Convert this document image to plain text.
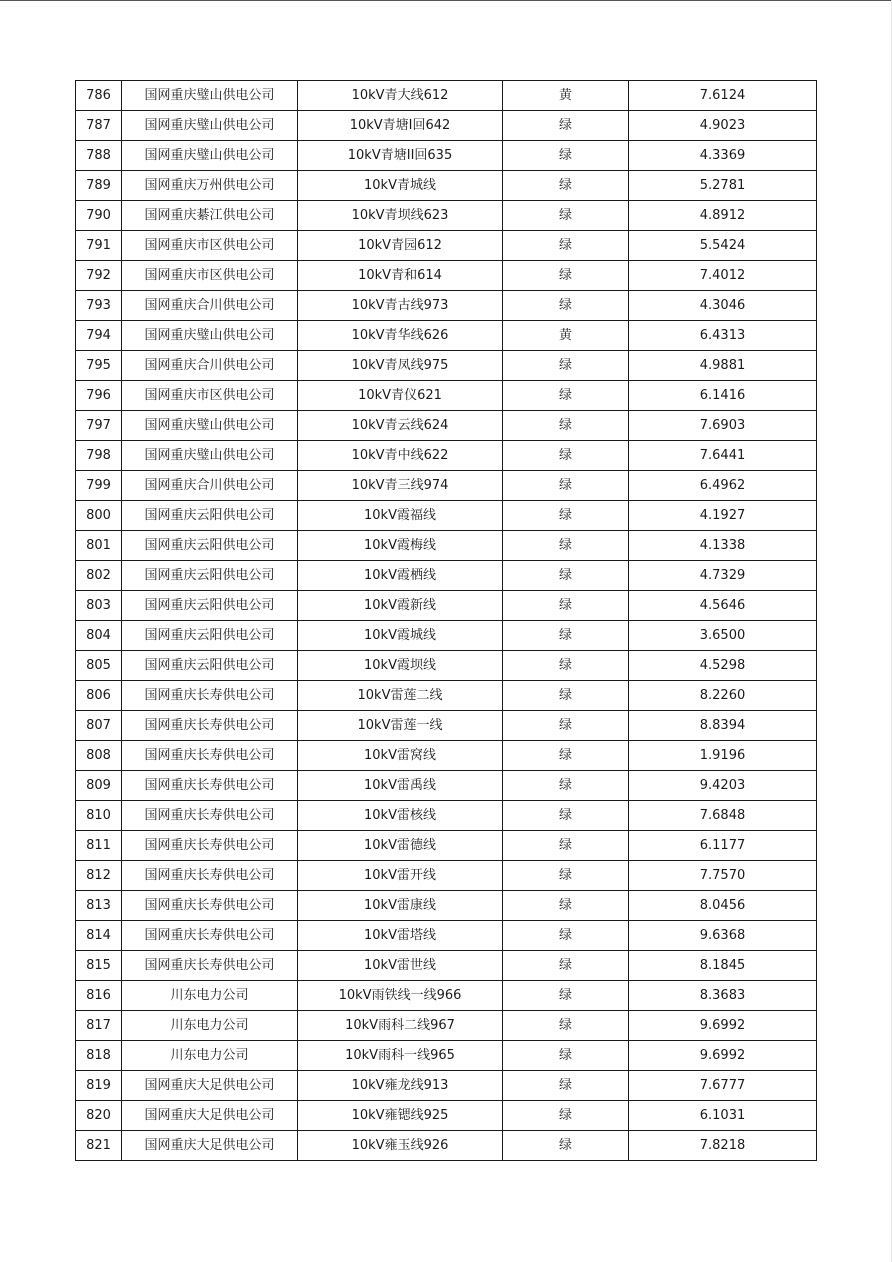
786	国网重庆璧山供电公司	10kV青大线612	黄	7.6124
787	国网重庆璧山供电公司	10kV青塘I回642	绿	4.9023
788	国网重庆璧山供电公司	10kV青塘II回635	绿	4.3369
789	国网重庆万州供电公司	10kV青城线	绿	5.2781
790	国网重庆綦江供电公司	10kV青坝线623	绿	4.8912
791	国网重庆市区供电公司	10kV青园612	绿	5.5424
792	国网重庆市区供电公司	10kV青和614	绿	7.4012
793	国网重庆合川供电公司	10kV青古线973	绿	4.3046
794	国网重庆璧山供电公司	10kV青华线626	黄	6.4313
795	国网重庆合川供电公司	10kV青凤线975	绿	4.9881
796	国网重庆市区供电公司	10kV青仪621	绿	6.1416
797	国网重庆璧山供电公司	10kV青云线624	绿	7.6903
798	国网重庆璧山供电公司	10kV青中线622	绿	7.6441
799	国网重庆合川供电公司	10kV青三线974	绿	6.4962
800	国网重庆云阳供电公司	10kV霞福线	绿	4.1927
801	国网重庆云阳供电公司	10kV霞梅线	绿	4.1338
802	国网重庆云阳供电公司	10kV霞栖线	绿	4.7329
803	国网重庆云阳供电公司	10kV霞新线	绿	4.5646
804	国网重庆云阳供电公司	10kV霞城线	绿	3.6500
805	国网重庆云阳供电公司	10kV霞坝线	绿	4.5298
806	国网重庆长寿供电公司	10kV雷莲二线	绿	8.2260
807	国网重庆长寿供电公司	10kV雷莲一线	绿	8.8394
808	国网重庆长寿供电公司	10kV雷窝线	绿	1.9196
809	国网重庆长寿供电公司	10kV雷禹线	绿	9.4203
810	国网重庆长寿供电公司	10kV雷核线	绿	7.6848
811	国网重庆长寿供电公司	10kV雷德线	绿	6.1177
812	国网重庆长寿供电公司	10kV雷开线	绿	7.7570
813	国网重庆长寿供电公司	10kV雷康线	绿	8.0456
814	国网重庆长寿供电公司	10kV雷塔线	绿	9.6368
815	国网重庆长寿供电公司	10kV雷世线	绿	8.1845
816	川东电力公司	10kV雨铁线一线966	绿	8.3683
817	川东电力公司	10kV雨科二线967	绿	9.6992
818	川东电力公司	10kV雨科一线965	绿	9.6992
819	国网重庆大足供电公司	10kV雍龙线913	绿	7.6777
820	国网重庆大足供电公司	10kV雍锶线925	绿	6.1031
821	国网重庆大足供电公司	10kV雍玉线926	绿	7.8218
